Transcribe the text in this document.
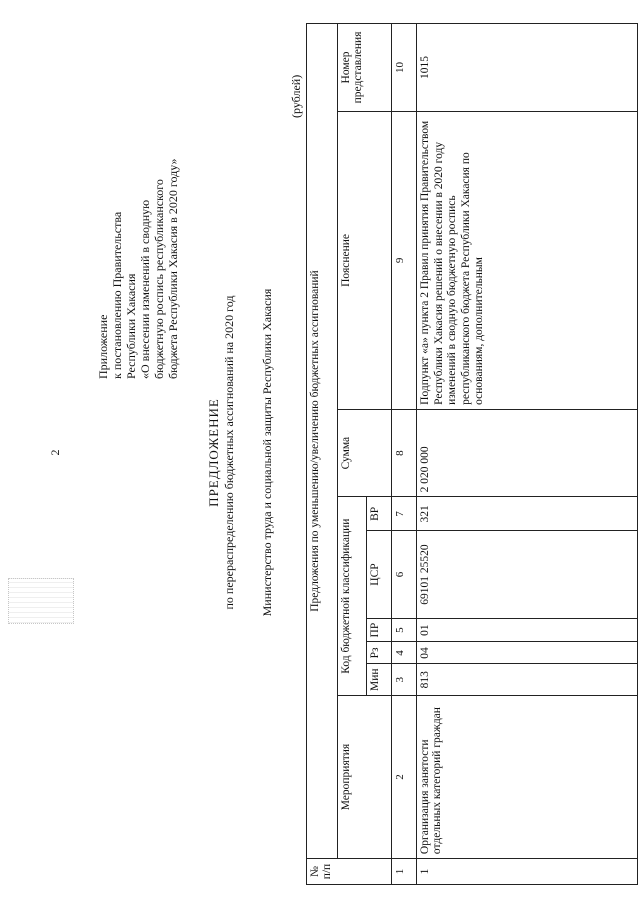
2
Приложение к постановлению Правительства Республики Хакасия «О внесении изменений в сводную бюджетную роспись республиканского бюджета Республики Хакасия в 2020 году»
ПРЕДЛОЖЕНИЕ по перераспределению бюджетных ассигнований на 2020 год Министерство труда и социальной защиты Республики Хакасия
(рублей)
№ п/п	Предложения по уменьшению/увеличению бюджетных ассигнований								
	Мероприятия	Код бюджетной классификации					Сумма	Пояснение	Номер представления
		Мин	Рз	ПР	ЦСР	ВР			
1	2	3	4	5	6	7	8	9	10
1	Организация занятости отдельных категорий граждан	813	04	01	69101 25520	321	2 020 000	Подпункт «а» пункта 2 Правил принятия Правительством Республики Хакасия решений о внесении в 2020 году изменений в сводную бюджетную роспись республиканского бюджета Республики Хакасия по основаниям, дополнительным	1015
